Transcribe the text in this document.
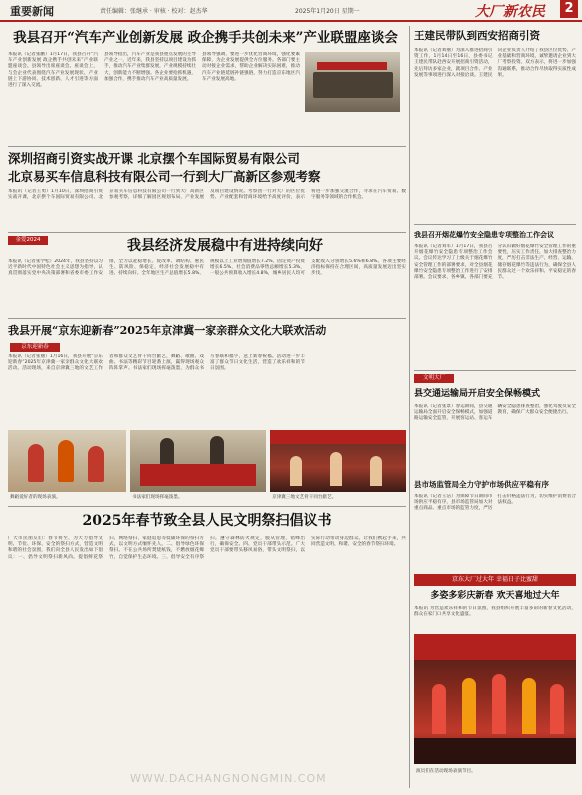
重要新闻	责任编辑：张继承 · 审核 · 校对：赵杰华	2025年1月20日 星期一	大厂新农民	2
我县召开“汽车产业创新发展 政企携手共创未来”产业联盟座谈会
本报讯（记者张鹏）1月17日，我县召开“汽车产业创新发展 政企携手共创未来”产业联盟座谈会。县领导出席座谈会。座谈会上，与会企业代表围绕汽车产业发展现状、产业链上下游协同、技术创新、人才引进等方面进行了深入交流。
县领导指出，汽车产业是我县重点发展的主导产业之一，近年来，我县坚持以项目建设为抓手，推动汽车产业集群发展，产业规模持续壮大，创新能力不断增强。各企业要抢抓机遇，加强合作，携手推动汽车产业高质量发展。
县领导强调，要进一步优化营商环境，强化要素保障，为企业发展提供全方位服务。各部门要主动对接企业需求，帮助企业解决实际困难，推动汽车产业链延链补链强链，努力打造京东地区汽车产业发展高地。
深圳招商引资实战开课 北京摆个车国际贸易有限公司
北京易买车信息科技有限公司一行到大厂高新区参观考察
本报讯（记者王勇）1月10日，深圳招商引资实战开课，北京摆个车国际贸易有限公司、北京易买车信息科技有限公司一行到大厂高新区参观考察，详细了解园区规划布局、产业发展及项目建设情况。考察团一行对大厂的区位优势、产业配套和营商环境给予高度评价，表示将进一步加强交流合作，寻求在汽车贸易、数字服务等领域的合作机会。
金爱2024	我县经济发展稳中有进持续向好
本报讯（记者张学松）2024年，我县坚持以习近平新时代中国特色社会主义思想为指导，认真贯彻落实党中央决策部署和省委市委工作安排，全力以赴稳增长、促改革、调结构、惠民生、防风险、保稳定，经济社会发展稳中有进、持续向好。全年地区生产总值增长5.8%，规模以上工业增加值增长7.2%，固定资产投资增长6.5%，社会消费品零售总额增长5.3%，一般公共预算收入增长4.8%，城乡居民人均可支配收入分别增长5.6%和6.8%。各项主要经济指标保持在合理区间，高质量发展迈出坚实步伐。
我县开展“京东迎新春”2025年京津冀一家亲群众文化大联欢活动
京东迎新春
本报讯（记者张丽）1月16日，我县开展“京东迎新春”2025年京津冀一家亲群众文化大联欢活动。活动现场，来自京津冀三地的文艺工作者和群众文艺骨干同台献艺，舞蹈、歌曲、戏曲、书法等精彩节目轮番上演，赢得现场观众阵阵掌声。书法家们现场挥毫泼墨，为群众书写春联和福字，送上新春祝福。活动进一步丰富了群众节日文化生活，营造了欢乐祥和的节日氛围。
舞蹈爱好者的现场表演。	书法家们现场挥毫泼墨。	京津冀三地文艺骨干同台献艺。
2025年春节致全县人民文明祭扫倡议书
广大市民朋友们：春节将至，为大力倡导文明、节俭、环保、安全的祭扫方式，营造文明和谐的社会氛围，我们向全县人民发出如下倡议：一、倡导文明祭扫新风尚。提倡鲜花祭扫、网络祭扫、家庭追思等低碳环保的祭扫方式，以文明方式缅怀先人。二、倡导绿色环保祭扫。不在公共场所焚烧纸钱，不燃放烟花爆竹，自觉保护生态环境。三、倡导安全有序祭扫。遵守森林防火规定，服从管理，错峰出行，确保安全。四、党员干部带头示范。广大党员干部要带头移风易俗，带头文明祭扫，以实际行动带动身边群众。让我们携起手来，共同营造文明、和谐、安全的春节祭扫环境。
王建民带队到西安招商引资
本报讯（记者刘丽）为深入推进招商引资工作，1月14日至16日，县委书记王建民带队赴西安开展招商引资活动，先后拜访多家企业，就项目合作、产业发展等事项进行深入对接洽谈。王建民向企业负责人介绍了我县区位优势、产业基础和营商环境，诚挚邀请企业到大厂考察投资。双方表示，将进一步加强沟通联系，推动合作尽快取得实质性成果。
我县召开烟花爆竹安全隐患专项整治工作会议
本报讯（记者刘军）1月17日，我县召开烟花爆竹安全隐患专项整治工作会议。会议传达学习了上级关于烟花爆竹安全管理工作的部署要求，对全县烟花爆竹安全隐患专项整治工作进行了安排部署。会议要求，各乡镇、各部门要充分认识做好烟花爆竹安全管理工作的重要性，压实工作责任，加大排查整治力度，严厉打击非法生产、经营、运输、储存烟花爆竹等违法行为，确保全县人民群众过一个欢乐祥和、平安稳定的春节。
文明大厂
县交通运输局开启安全保畅模式
本报讯（记者张景）春运期间，县交通运输局全面开启安全保畅模式，加强道路运输安全监管，开展客运站、客运车辆安全隐患排查整治，强化驾驶员安全教育，确保广大群众安全便捷出行。
县市场监管局全力守护市场供应平稳有序
本报讯（记者王洁）为保障节日期间市场供应平稳有序，县市场监管局加大对重点商品、重点市场的监管力度，严厉打击价格违法行为，切实维护消费者合法权益。
京东大厂过大年 幸福日子比蜜甜
多姿多彩庆新春 欢天喜地过大年
本报讯 为营造欢乐祥和的节日氛围，我县组织开展丰富多彩的新春文化活动，群众在家门口共享文化盛宴。
演员们在活动现场表演节目。
WWW.DACHANGNONGMIN.COM
